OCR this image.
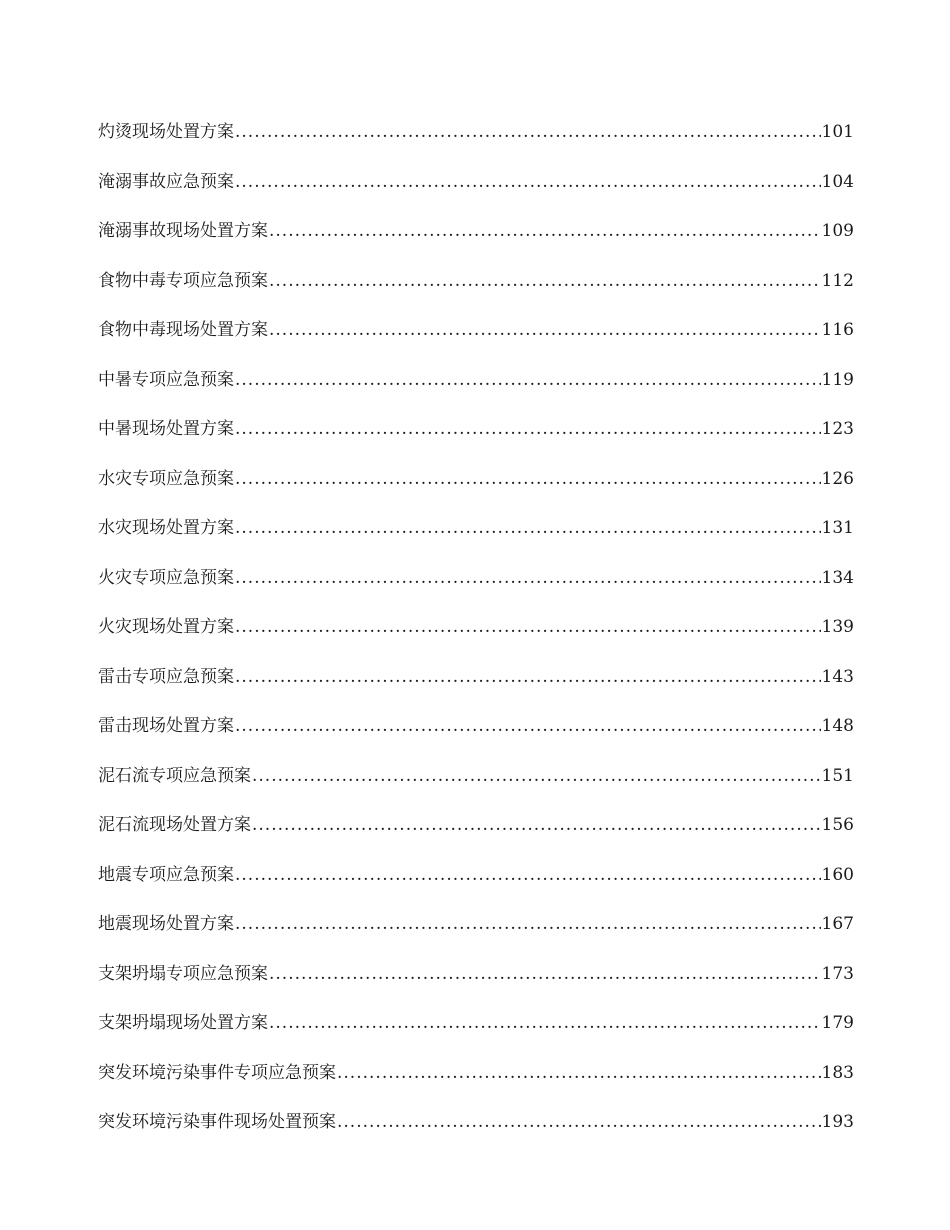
灼烫现场处置方案 .....	101
淹溺事故应急预案 .....	104
淹溺事故现场处置方案 .....	109
食物中毒专项应急预案 .....	112
食物中毒现场处置方案 .....	116
中暑专项应急预案 .....	119
中暑现场处置方案 .....	123
水灾专项应急预案 .....	126
水灾现场处置方案 .....	131
火灾专项应急预案 .....	134
火灾现场处置方案 .....	139
雷击专项应急预案 .....	143
雷击现场处置方案 .....	148
泥石流专项应急预案 .....	151
泥石流现场处置方案 .....	156
地震专项应急预案 .....	160
地震现场处置方案 .....	167
支架坍塌专项应急预案 .....	173
支架坍塌现场处置方案 .....	179
突发环境污染事件专项应急预案 .....	183
突发环境污染事件现场处置预案 .....	193
